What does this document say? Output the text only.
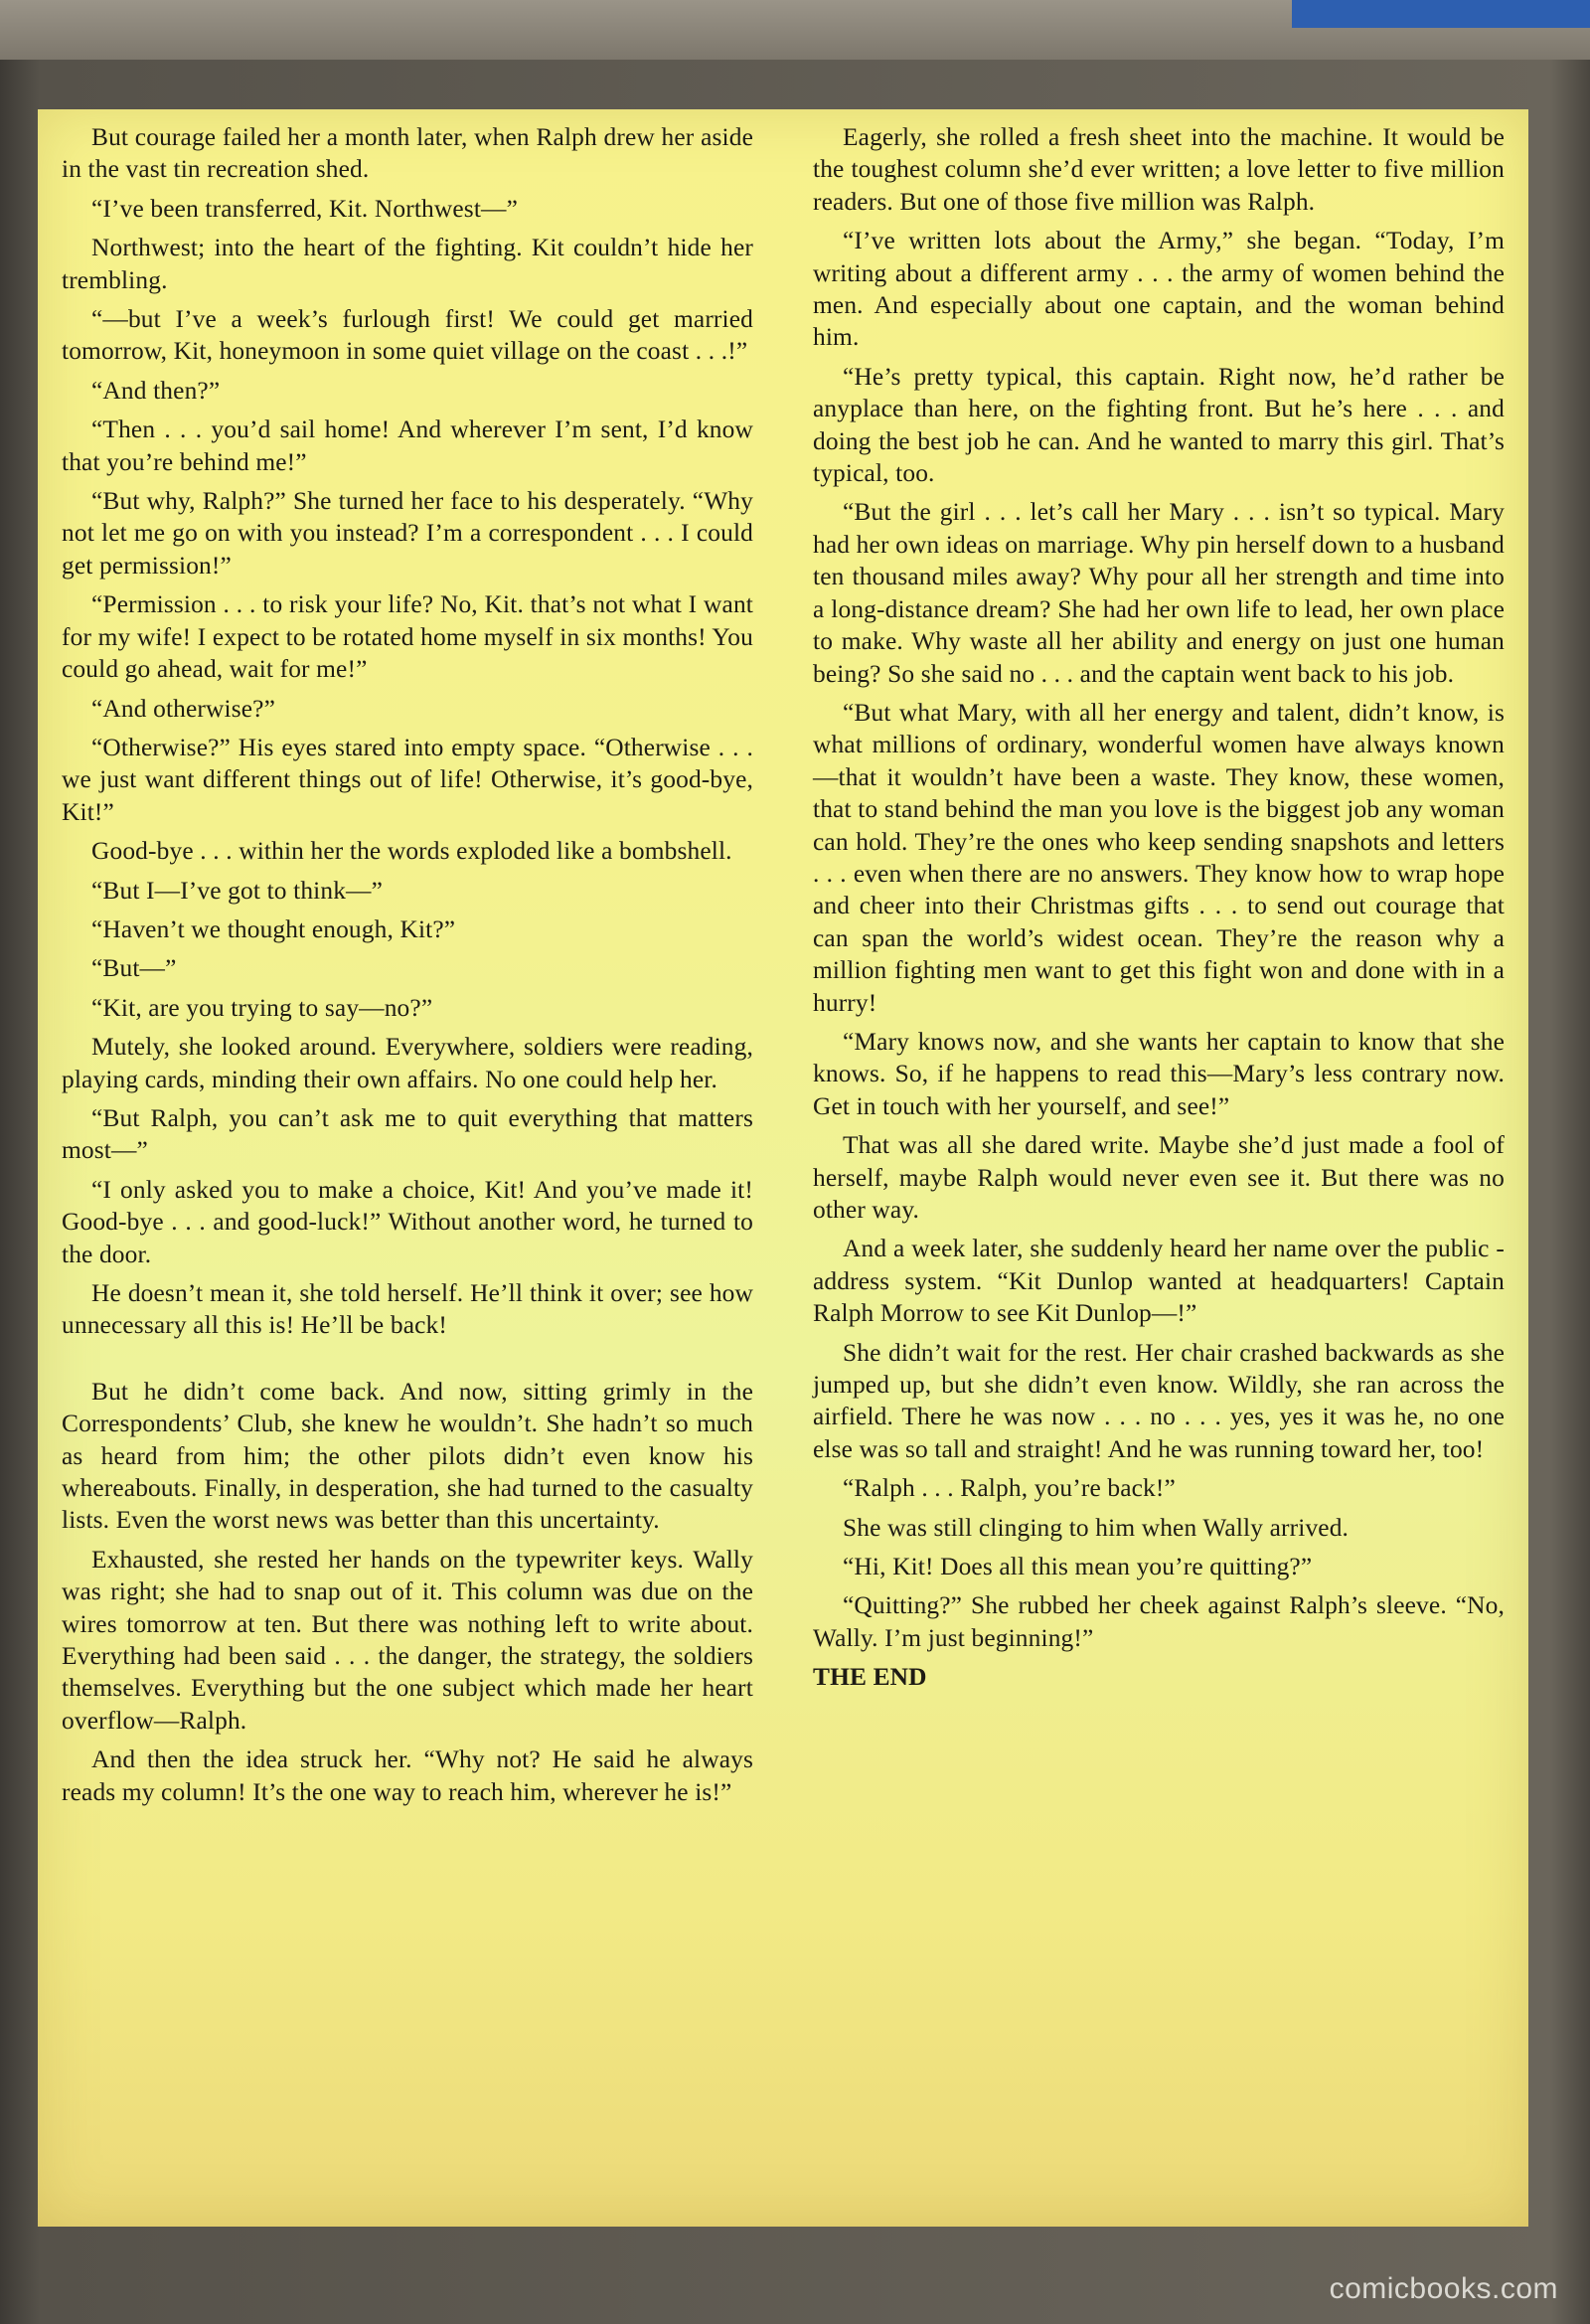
But courage failed her a month later, when Ralph drew her aside in the vast tin recreation shed.

“I’ve been transferred, Kit. Northwest—”

Northwest; into the heart of the fighting. Kit couldn’t hide her trembling.

“—but I’ve a week’s furlough first! We could get married tomorrow, Kit, honeymoon in some quiet village on the coast . . .!”

“And then?”

“Then . . . you’d sail home! And wherever I’m sent, I’d know that you’re behind me!”

“But why, Ralph?” She turned her face to his desperately. “Why not let me go on with you instead? I’m a correspondent . . . I could get permission!”

“Permission . . . to risk your life? No, Kit. that’s not what I want for my wife! I expect to be rotated home myself in six months! You could go ahead, wait for me!”

“And otherwise?”

“Otherwise?” His eyes stared into empty space. “Otherwise . . . we just want different things out of life! Otherwise, it’s good-bye, Kit!”

Good-bye . . . within her the words exploded like a bombshell.

“But I—I’ve got to think—”

“Haven’t we thought enough, Kit?”

“But—”

“Kit, are you trying to say—no?”

Mutely, she looked around. Everywhere, soldiers were reading, playing cards, minding their own affairs. No one could help her.

“But Ralph, you can’t ask me to quit everything that matters most—”

“I only asked you to make a choice, Kit! And you’ve made it! Good-bye . . . and good-luck!” Without another word, he turned to the door.

He doesn’t mean it, she told herself. He’ll think it over; see how unnecessary all this is! He’ll be back!

But he didn’t come back. And now, sitting grimly in the Correspondents’ Club, she knew he wouldn’t. She hadn’t so much as heard from him; the other pilots didn’t even know his whereabouts. Finally, in desperation, she had turned to the casualty lists. Even the worst news was better than this uncertainty.

Exhausted, she rested her hands on the typewriter keys. Wally was right; she had to snap out of it. This column was due on the wires tomorrow at ten. But there was nothing left to write about. Everything had been said . . . the danger, the strategy, the soldiers themselves. Everything but the one subject which made her heart overflow—Ralph.

And then the idea struck her. “Why not? He said he always reads my column! It’s the one way to reach him, wherever he is!”

Eagerly, she rolled a fresh sheet into the machine. It would be the toughest column she’d ever written; a love letter to five million readers. But one of those five million was Ralph.

“I’ve written lots about the Army,” she began. “Today, I’m writing about a different army . . . the army of women behind the men. And especially about one captain, and the woman behind him.

“He’s pretty typical, this captain. Right now, he’d rather be anyplace than here, on the fighting front. But he’s here . . . and doing the best job he can. And he wanted to marry this girl. That’s typical, too.

“But the girl . . . let’s call her Mary . . . isn’t so typical. Mary had her own ideas on marriage. Why pin herself down to a husband ten thousand miles away? Why pour all her strength and time into a long-distance dream? She had her own life to lead, her own place to make. Why waste all her ability and energy on just one human being? So she said no . . . and the captain went back to his job.

“But what Mary, with all her energy and talent, didn’t know, is what millions of ordinary, wonderful women have always known—that it wouldn’t have been a waste. They know, these women, that to stand behind the man you love is the biggest job any woman can hold. They’re the ones who keep sending snapshots and letters . . . even when there are no answers. They know how to wrap hope and cheer into their Christmas gifts . . . to send out courage that can span the world’s widest ocean. They’re the reason why a million fighting men want to get this fight won and done with in a hurry!

“Mary knows now, and she wants her captain to know that she knows. So, if he happens to read this—Mary’s less contrary now. Get in touch with her yourself, and see!”

That was all she dared write. Maybe she’d just made a fool of herself, maybe Ralph would never even see it. But there was no other way.

And a week later, she suddenly heard her name over the public - address system. “Kit Dunlop wanted at headquarters! Captain Ralph Morrow to see Kit Dunlop—!”

She didn’t wait for the rest. Her chair crashed backwards as she jumped up, but she didn’t even know. Wildly, she ran across the airfield. There he was now . . . no . . . yes, yes it was he, no one else was so tall and straight! And he was running toward her, too!

“Ralph . . . Ralph, you’re back!”

She was still clinging to him when Wally arrived.

“Hi, Kit! Does all this mean you’re quitting?”

“Quitting?” She rubbed her cheek against Ralph’s sleeve. “No, Wally. I’m just beginning!”

THE END

comicbooks.com
